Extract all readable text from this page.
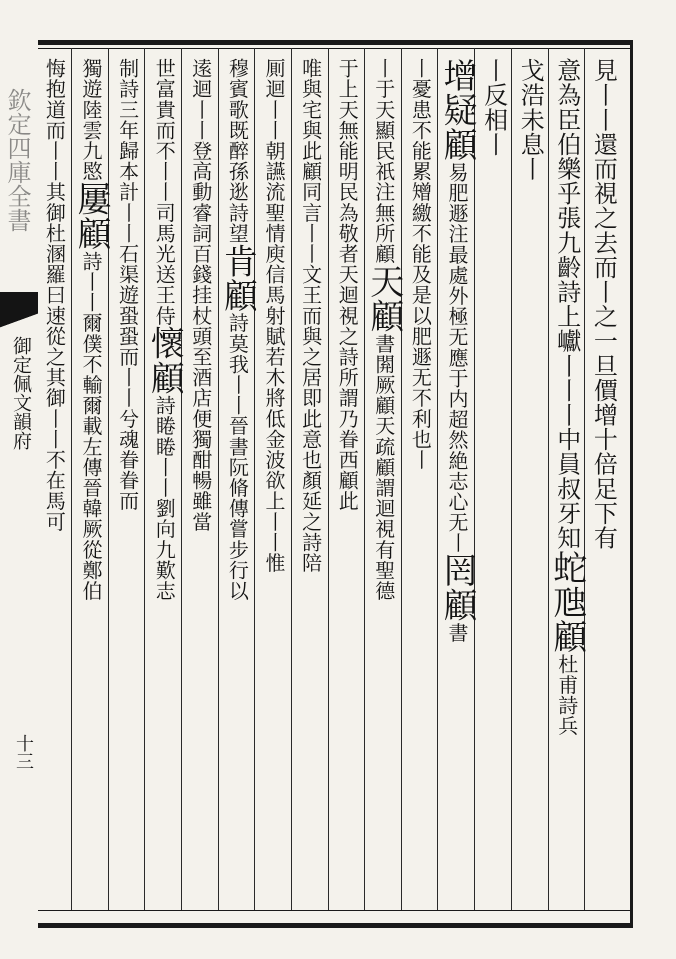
欽定四庫全書
御定佩文韻府
十三
見丨丨還而視之去而丨之一旦價增十倍足下有
意為臣伯樂乎張九齡詩上巘丨丨丨中員叔牙知蛇虺顧杜甫詩兵
戈浩未息丨
丨反相丨
增疑顧易肥遯注最處外極无應于内超然絶志心无丨罔顧書
丨憂患不能累矰繳不能及是以肥遯无不利也丨
丨于天顯民祇注無所顧天顧書閞厥顧天疏顧謂迴視有聖德
于上天無能明民為敬者天迴視之詩所謂乃眷西顧此
唯與宅與此顧同言丨丨文王而與之居即此意也顏延之詩陪
厠迴丨丨朝讌流聖情庾信馬射賦若木將低金波欲上丨丨惟
穆賓歌既醉孫逖詩望肯顧詩莫我丨丨晉書阮脩傳嘗步行以
逺迴丨丨登高動睿詞百錢挂杖頭至酒店便獨酣暢雖當
世富貴而不丨丨司馬光送王侍懷顧詩睠睠丨丨劉向九歎志
制詩三年歸本計丨丨石渠遊蛩蛩而丨丨兮魂眷眷而
獨遊陸雲九愍屢顧詩丨丨爾僕不輸爾載左傳晉韓厥從鄭伯
悔抱道而丨丨其御杜溷羅曰速從之其御丨丨不在馬可
